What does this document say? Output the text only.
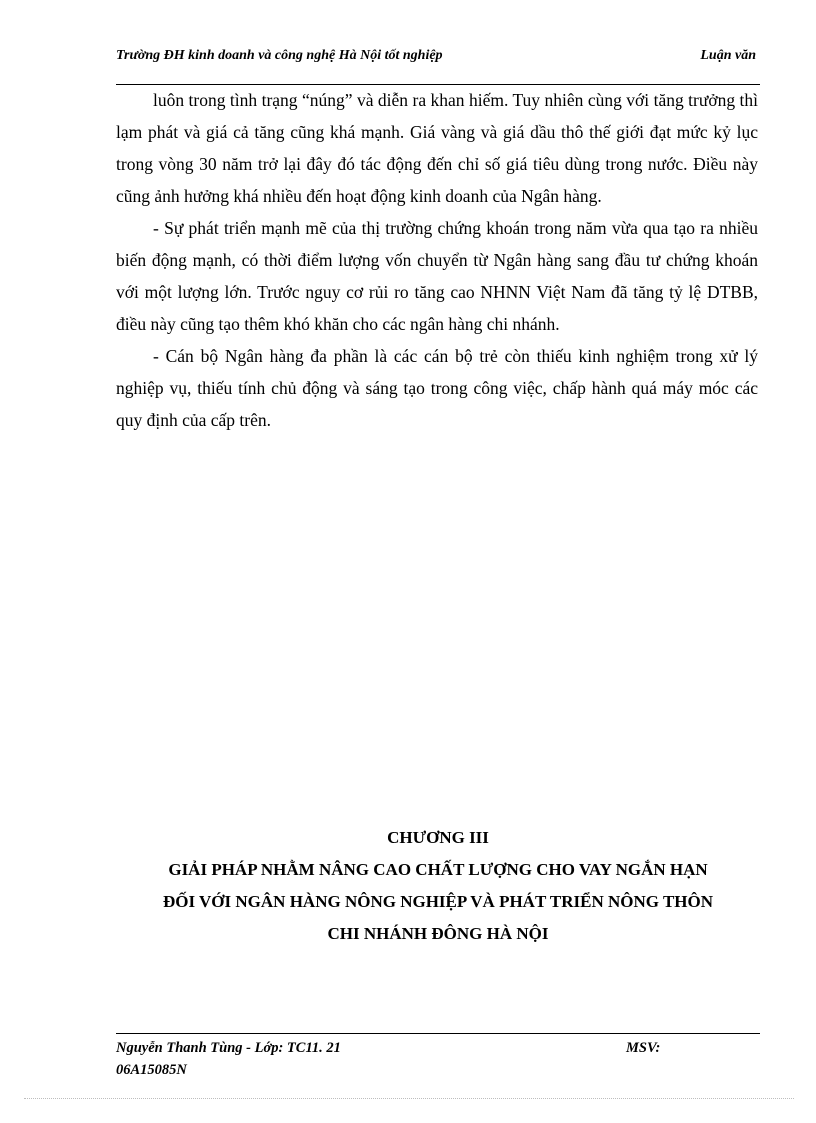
Trường ĐH kinh doanh và công nghệ Hà Nội tốt nghiệp	Luận văn

luôn trong tình trạng “núng” và diễn ra khan hiếm. Tuy nhiên cùng với tăng trưởng thì lạm phát và giá cả tăng cũng khá mạnh. Giá vàng và giá dầu thô thế giới đạt mức kỷ lục trong vòng 30 năm trở lại đây đó tác động đến chỉ số giá tiêu dùng trong nước. Điều này cũng ảnh hưởng khá nhiều đến hoạt động kinh doanh của Ngân hàng.

- Sự phát triển mạnh mẽ của thị trường chứng khoán trong năm vừa qua tạo ra nhiều biến động mạnh, có thời điểm lượng vốn chuyển từ Ngân hàng sang đầu tư chứng khoán với một lượng lớn. Trước nguy cơ rủi ro tăng cao NHNN Việt Nam đã tăng tỷ lệ DTBB, điều này cũng tạo thêm khó khăn cho các ngân hàng chi nhánh.

- Cán bộ Ngân hàng đa phần là các cán bộ trẻ còn thiếu kinh nghiệm trong xử lý nghiệp vụ, thiếu tính chủ động và sáng tạo trong công việc, chấp hành quá máy móc các quy định của cấp trên.

CHƯƠNG III
GIẢI PHÁP NHẰM NÂNG CAO CHẤT LƯỢNG CHO VAY NGẮN HẠN
ĐỐI VỚI NGÂN HÀNG NÔNG NGHIỆP VÀ PHÁT TRIỂN NÔNG THÔN
CHI NHÁNH ĐÔNG HÀ NỘI
Nguyễn Thanh Tùng - Lớp: TC11. 21	MSV:
06A15085N
